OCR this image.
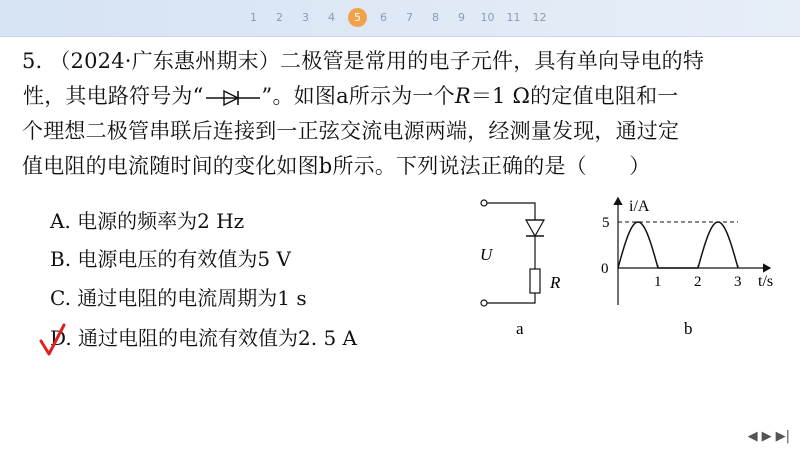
1	2	3	4	5	6	7	8	9	10 11 12
5. （2024·广东惠州期末）二极管是常用的电子元件，具有单向导电的特
性，其电路符号为“	”。如图a所示为一个R＝1 Ω的定值电阻和一
个理想二极管串联后连接到一正弦交流电源两端，经测量发现，通过定
值电阻的电流随时间的变化如图b所示。下列说法正确的是（　　）
A. 电源的频率为2 Hz
B. 电源电压的有效值为5 V
C. 通过电阻的电流周期为1 s
D. 通过电阻的电流有效值为2. 5 A
U
R
a
i/A
t/s
0
5
1 2 3
b
◀ ▶ ▶|
